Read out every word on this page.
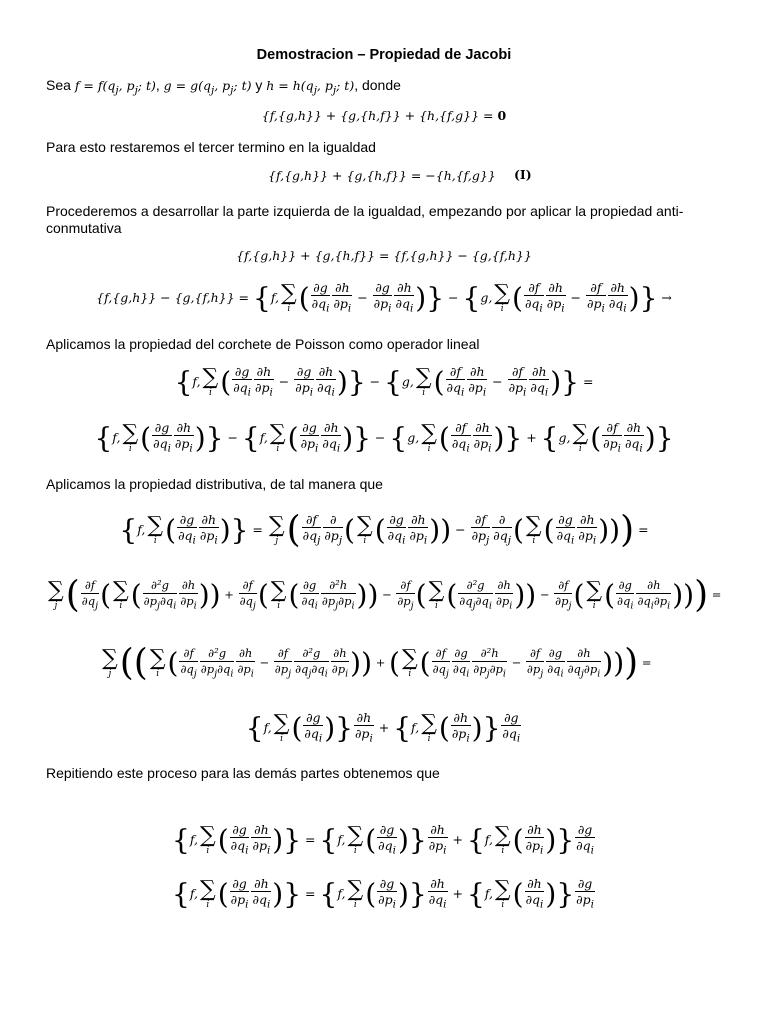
Demostracion – Propiedad de Jacobi
Sea $f = f(q_j$, $p_j$; t), $g = g(q_j$, $p_j$; t) y $h = h(q_j$, $p_j$; t), donde
{f,{g,h}} + {g,{h,f}} + {h,{f,g}} = 0
Para esto restaremos el tercer termino en la igualdad
{f,{g,h}} + {g,{h,f}} = −{h,{f,g}} (I)
Procederemos a desarrollar la parte izquierda de la igualdad, empezando por aplicar la propiedad anti-
conmutativa
{f,{g,h}} + {g,{h,f}} = {f,{g,h}} − {g,{f,h}}
{f,{g,h}} − {g,{f,h}} = {f, ∑
i ( $\frac{\partial g}{\partial q_i} \frac{\partial h}{\partial p_i} - \frac{\partial g}{\partial p_i} \frac{\partial h}{\partial q_i}$ )} − {g, ∑
i ( $\frac{\partial f}{\partial q_i} \frac{\partial h}{\partial p_i} - \frac{\partial f}{\partial p_i} \frac{\partial h}{\partial q_i}$ )} →
Aplicamos la propiedad del corchete de Poisson como operador lineal
{f, ∑
i ( $\frac{\partial g}{\partial q_i} \frac{\partial h}{\partial p_i} - \frac{\partial g}{\partial p_i} \frac{\partial h}{\partial q_i}$ )} − {g, ∑
i ( $\frac{\partial f}{\partial q_i} \frac{\partial h}{\partial p_i} - \frac{\partial f}{\partial p_i} \frac{\partial h}{\partial q_i}$ )} =
{f, ∑
i ( $\frac{\partial g}{\partial q_i} \frac{\partial h}{\partial p_i}$ )} − {f, ∑
i ( $\frac{\partial g}{\partial p_i} \frac{\partial h}{\partial q_i}$ )} − {g, ∑
i ( $\frac{\partial f}{\partial q_i} \frac{\partial h}{\partial p_i}$ )} + {g, ∑
i ( $\frac{\partial f}{\partial p_i} \frac{\partial h}{\partial q_i}$ )}
Aplicamos la propiedad distributiva, de tal manera que
{f, ∑
i ( $\frac{\partial g}{\partial q_i} \frac{\partial h}{\partial p_i}$ )} = ∑
j ( $\frac{\partial f}{\partial q_j} \frac{\partial}{\partial p_j}$ ( ∑
i ( $\frac{\partial g}{\partial q_i} \frac{\partial h}{\partial p_i}$ )) − $\frac{\partial f}{\partial p_j} \frac{\partial}{\partial q_j}$ ( ∑
i ( $\frac{\partial g}{\partial q_i} \frac{\partial h}{\partial p_i}$ ))) =
∑
j ( $\frac{\partial f}{\partial q_j}$ ( ∑
i ( $\frac{\text{∂²g}}{\partial p_j\partial q_i} \frac{\partial h}{\partial p_i}$ )) + $\frac{\partial f}{\partial q_j}$ ( ∑
i ( $\frac{\partial g}{\partial q_i} \frac{\text{∂²h}}{\partial p_j\partial p_i}$ )) − $\frac{\partial f}{\partial p_j}$ ( ∑
i ( $\frac{\text{∂²g}}{\partial q_j\partial q_i} \frac{\partial h}{\partial p_i}$ )) − $\frac{\partial f}{\partial p_j}$ ( ∑
i ( $\frac{\partial g}{\partial q_i} \frac{\partial h}{\partial q_i\partial p_i}$ ))) =
∑
j (( ∑
i ( $\frac{\partial f}{\partial q_j} \frac{\text{∂²g}}{\partial p_j\partial q_i} \frac{\partial h}{\partial p_i} - \frac{\partial f}{\partial p_j} \frac{\text{∂²g}}{\partial q_j\partial q_i} \frac{\partial h}{\partial p_i}$ )) + ( ∑
i ( $\frac{\partial f}{\partial q_j} \frac{\partial g}{\partial q_i} \frac{\text{∂²h}}{\partial p_j\partial p_i} - \frac{\partial f}{\partial p_j} \frac{\partial g}{\partial q_i} \frac{\partial h}{\partial q_j\partial p_i}$ ))) =
{f, ∑
i ( $\frac{\partial g}{\partial q_i}$ )} $\frac{\partial h}{\partial p_i} + \{f$, ∑
i ( $\frac{\partial h}{\partial p_i}$ )} $\frac{\partial g}{\partial q_i}$
Repitiendo este proceso para las demás partes obtenemos que
{f, ∑
i ( $\frac{\partial g}{\partial q_i} \frac{\partial h}{\partial p_i}$ )} = {f, ∑
i ( $\frac{\partial g}{\partial q_i}$ )} $\frac{\partial h}{\partial p_i} + \{f$, ∑
i ( $\frac{\partial h}{\partial p_i}$ )} $\frac{\partial g}{\partial q_i}$
{f, ∑
i ( $\frac{\partial g}{\partial p_i} \frac{\partial h}{\partial q_i}$ )} = {f, ∑
i ( $\frac{\partial g}{\partial p_i}$ )} $\frac{\partial h}{\partial q_i} + \{f$, ∑
i ( $\frac{\partial h}{\partial q_i}$ )} $\frac{\partial g}{\partial p_i}$
